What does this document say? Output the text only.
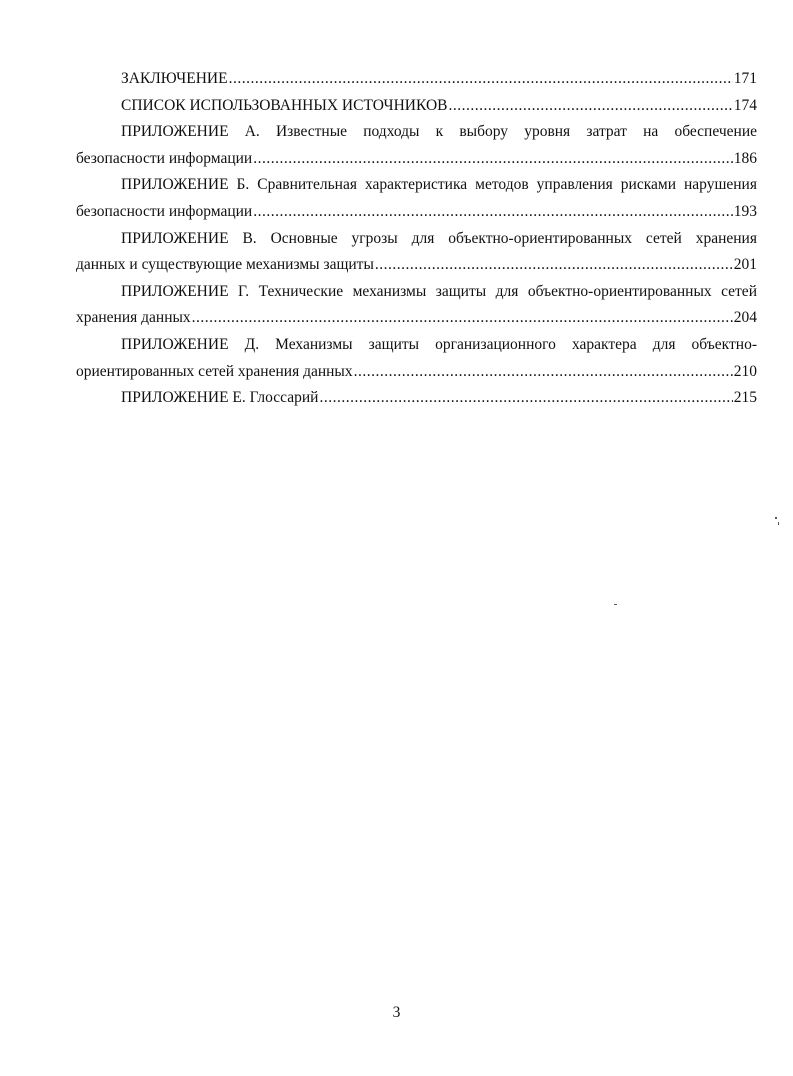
ЗАКЛЮЧЕНИЕ .....	171
СПИСОК ИСПОЛЬЗОВАННЫХ ИСТОЧНИКОВ .....	174
ПРИЛОЖЕНИЕ А. Известные подходы к выбору уровня затрат на обеспечение
безопасности информации .....	186
ПРИЛОЖЕНИЕ Б. Сравнительная характеристика методов управления рисками нарушения
безопасности информации .....	193
ПРИЛОЖЕНИЕ В. Основные угрозы для объектно-ориентированных сетей хранения
данных и существующие механизмы защиты .....	201
ПРИЛОЖЕНИЕ Г. Технические механизмы защиты для объектно-ориентированных сетей
хранения данных .....	204
ПРИЛОЖЕНИЕ Д. Механизмы защиты организационного характера для объектно-
ориентированных сетей хранения данных .....	210
ПРИЛОЖЕНИЕ Е. Глоссарий .....	215
3
